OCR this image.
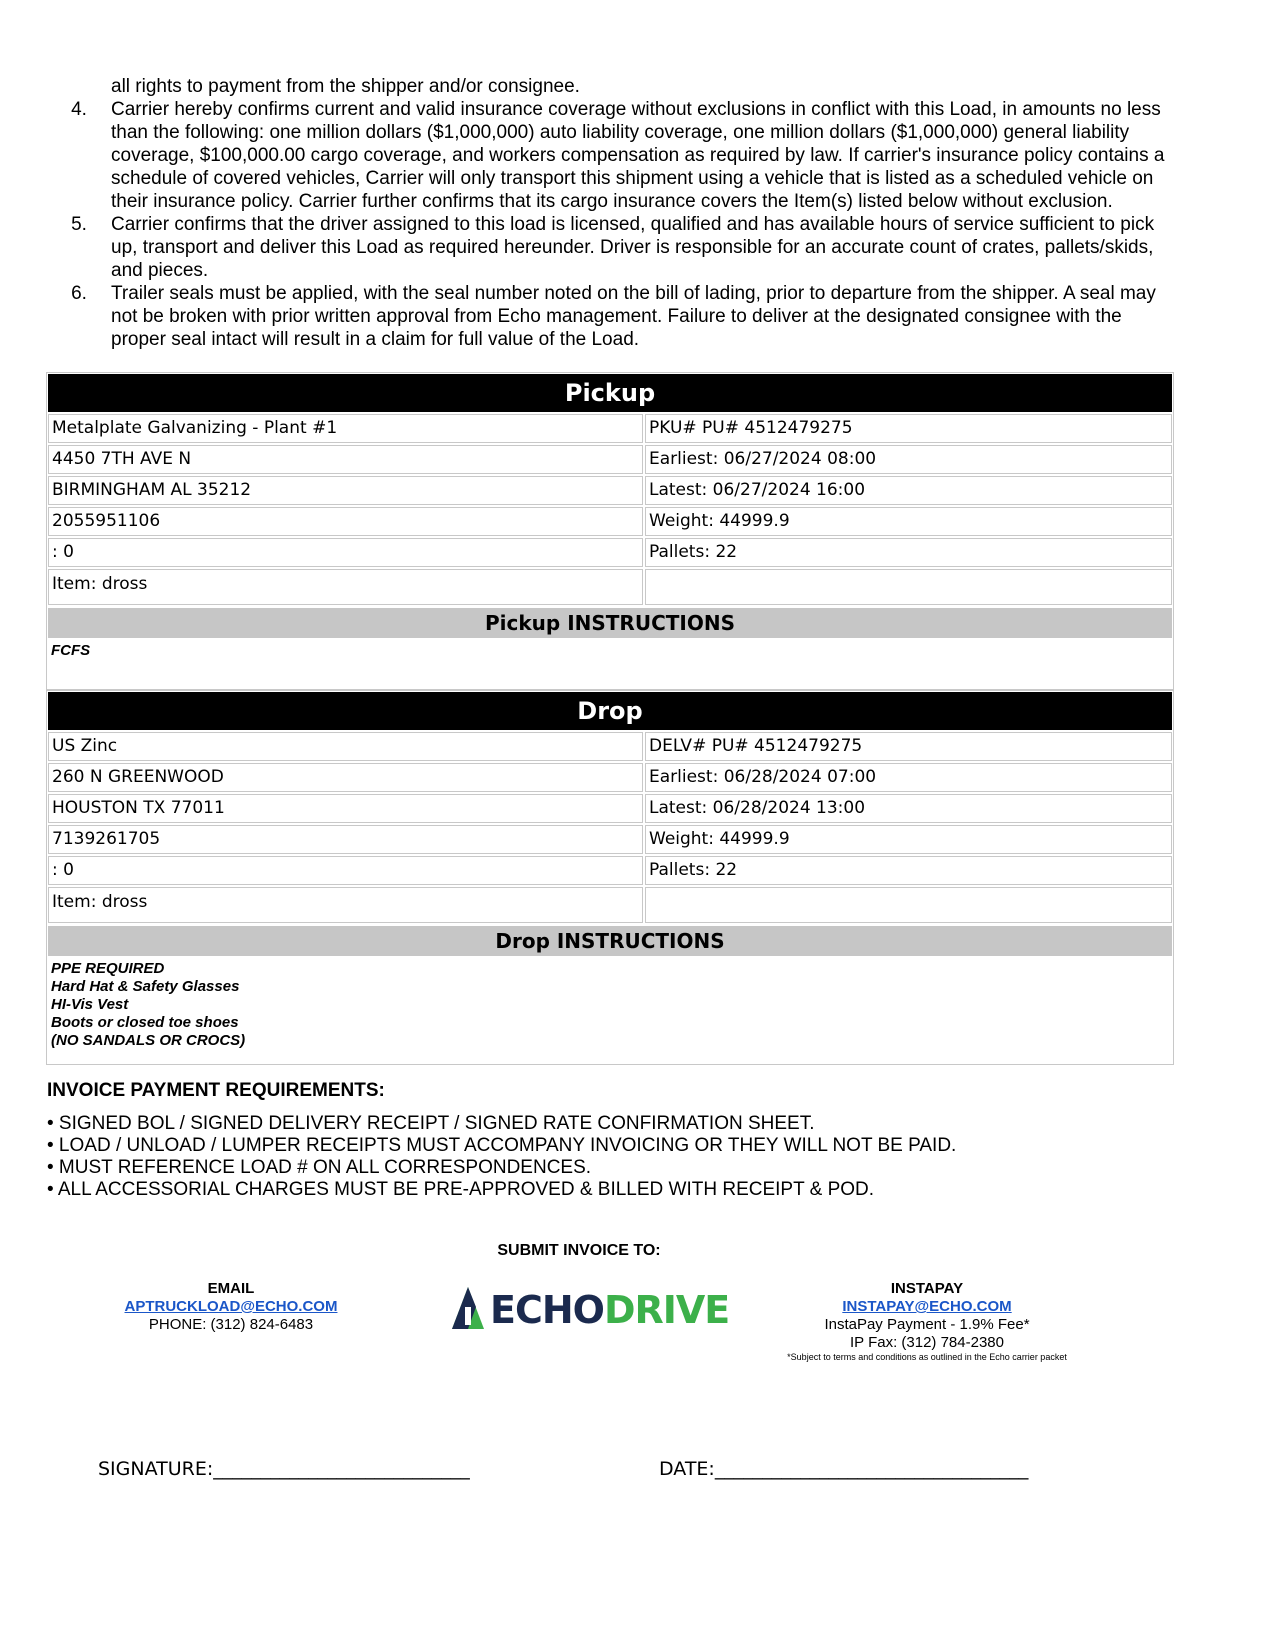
all rights to payment from the shipper and/or consignee.
4.	Carrier hereby confirms current and valid insurance coverage without exclusions in conflict with this Load, in amounts no less than the following: one million dollars ($1,000,000) auto liability coverage, one million dollars ($1,000,000) general liability coverage, $100,000.00 cargo coverage, and workers compensation as required by law. If carrier's insurance policy contains a schedule of covered vehicles, Carrier will only transport this shipment using a vehicle that is listed as a scheduled vehicle on their insurance policy. Carrier further confirms that its cargo insurance covers the Item(s) listed below without exclusion.
5.	Carrier confirms that the driver assigned to this load is licensed, qualified and has available hours of service sufficient to pick up, transport and deliver this Load as required hereunder. Driver is responsible for an accurate count of crates, pallets/skids, and pieces.
6.	Trailer seals must be applied, with the seal number noted on the bill of lading, prior to departure from the shipper. A seal may not be broken with prior written approval from Echo management. Failure to deliver at the designated consignee with the proper seal intact will result in a claim for full value of the Load.
Pickup
Metalplate Galvanizing - Plant #1	PKU# PU# 4512479275
4450 7TH AVE N	Earliest: 06/27/2024 08:00
BIRMINGHAM AL 35212	Latest: 06/27/2024 16:00
2055951106	Weight: 44999.9
: 0	Pallets: 22
Item: dross
Pickup INSTRUCTIONS
FCFS
Drop
US Zinc	DELV# PU# 4512479275
260 N GREENWOOD	Earliest: 06/28/2024 07:00
HOUSTON TX 77011	Latest: 06/28/2024 13:00
7139261705	Weight: 44999.9
: 0	Pallets: 22
Item: dross
Drop INSTRUCTIONS
PPE REQUIRED
Hard Hat & Safety Glasses
HI-Vis Vest
Boots or closed toe shoes
(NO SANDALS OR CROCS)
INVOICE PAYMENT REQUIREMENTS:
• SIGNED BOL / SIGNED DELIVERY RECEIPT / SIGNED RATE CONFIRMATION SHEET.
• LOAD / UNLOAD / LUMPER RECEIPTS MUST ACCOMPANY INVOICING OR THEY WILL NOT BE PAID.
• MUST REFERENCE LOAD # ON ALL CORRESPONDENCES.
• ALL ACCESSORIAL CHARGES MUST BE PRE-APPROVED & BILLED WITH RECEIPT & POD.
SUBMIT INVOICE TO:
EMAIL
APTRUCKLOAD@ECHO.COM
PHONE: (312) 824-6483	ECHODRIVE	INSTAPAY
INSTAPAY@ECHO.COM
InstaPay Payment - 1.9% Fee*
IP Fax: (312) 784-2380
*Subject to terms and conditions as outlined in the Echo carrier packet
SIGNATURE:___________________________	DATE:_________________________________
